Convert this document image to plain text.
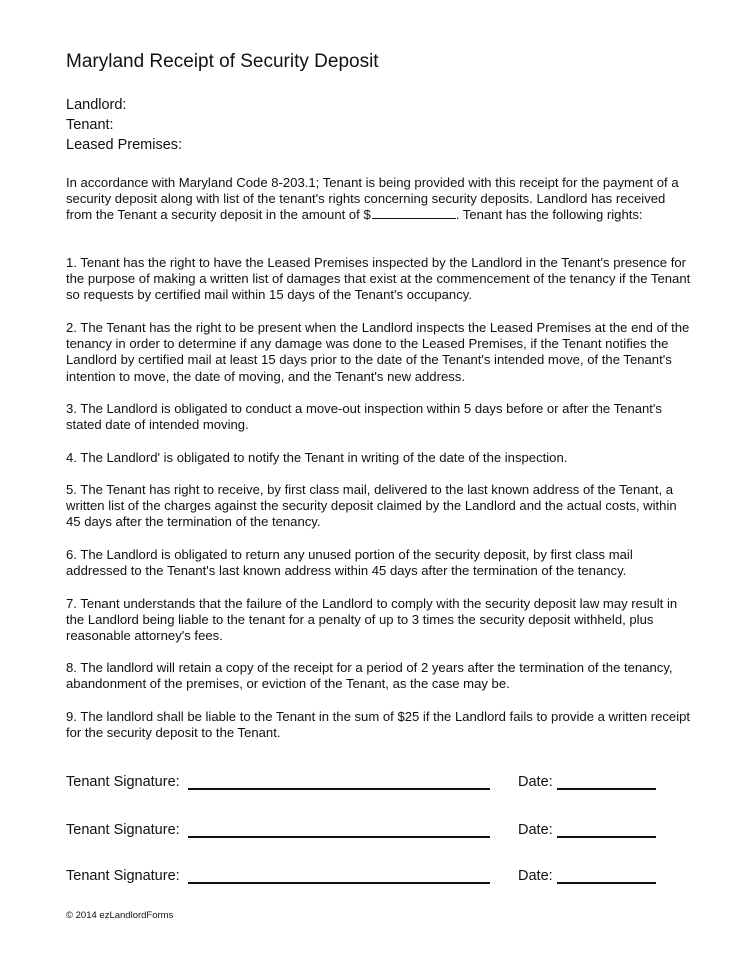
Maryland Receipt of Security Deposit
Landlord:
Tenant:
Leased Premises:

In accordance with Maryland Code 8-203.1; Tenant is being provided with this receipt for the payment of a security deposit along with list of the tenant's rights concerning security deposits. Landlord has received from the Tenant a security deposit in the amount of $	. Tenant has the following rights:

1. Tenant has the right to have the Leased Premises inspected by the Landlord in the Tenant's presence for the purpose of making a written list of damages that exist at the commencement of the tenancy if the Tenant so requests by certified mail within 15 days of the Tenant's occupancy.

2. The Tenant has the right to be present when the Landlord inspects the Leased Premises at the end of the tenancy in order to determine if any damage was done to the Leased Premises, if the Tenant notifies the Landlord by certified mail at least 15 days prior to the date of the Tenant's intended move, of the Tenant's intention to move, the date of moving, and the Tenant's new address.

3. The Landlord is obligated to conduct a move-out inspection within 5 days before or after the Tenant's stated date of intended moving.

4. The Landlord' is obligated to notify the Tenant in writing of the date of the inspection.

5. The Tenant has right to receive, by first class mail, delivered to the last known address of the Tenant, a written list of the charges against the security deposit claimed by the Landlord and the actual costs, within 45 days after the termination of the tenancy.

6. The Landlord is obligated to return any unused portion of the security deposit, by first class mail addressed to the Tenant's last known address within 45 days after the termination of the tenancy.

7. Tenant understands that the failure of the Landlord to comply with the security deposit law may result in the Landlord being liable to the tenant for a penalty of up to 3 times the security deposit withheld, plus reasonable attorney's fees.

8. The landlord will retain a copy of the receipt for a period of 2 years after the termination of the tenancy, abandonment of the premises, or eviction of the Tenant, as the case may be.

9. The landlord shall be liable to the Tenant in the sum of $25 if the Landlord fails to provide a written receipt for the security deposit to the Tenant.

Tenant Signature:	Date:
Tenant Signature:	Date:
Tenant Signature:	Date:
© 2014 ezLandlordForms
